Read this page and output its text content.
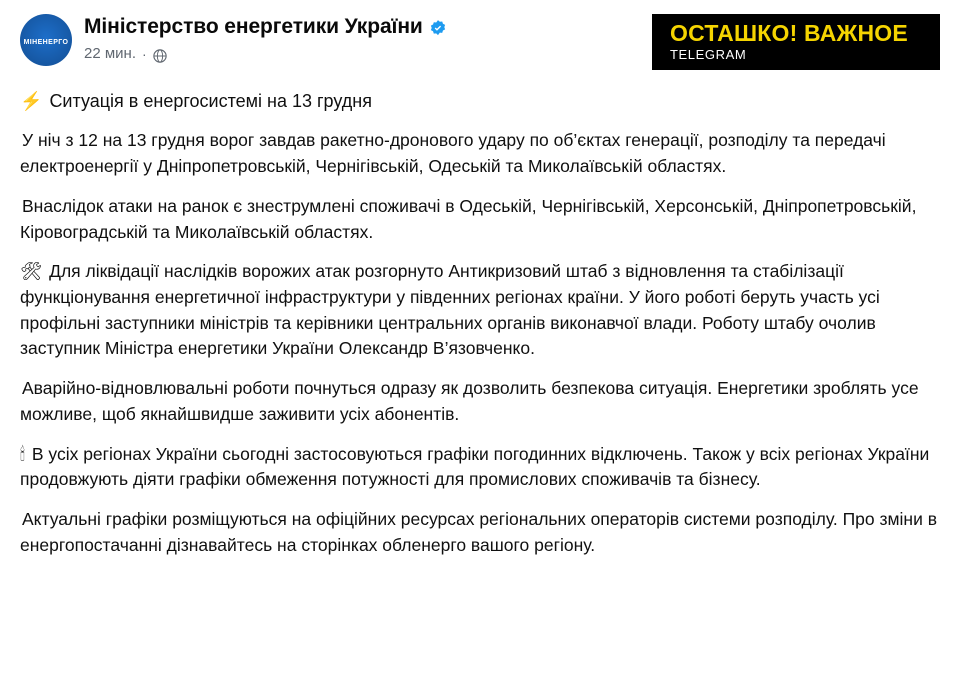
МІНЕНЕРГО
Міністерство енергетики України
22 мин. ·
ОСТАШКО! ВАЖНОЕ
TELEGRAM

⚡ Ситуація в енергосистемі на 13 грудня

У ніч з 12 на 13 грудня ворог завдав ракетно-дронового удару по об’єктах генерації, розподілу та передачі електроенергії у Дніпропетровській, Чернігівській, Одеській та Миколаївській областях.

Внаслідок атаки на ранок є знеструмлені споживачі в Одеській, Чернігівській, Херсонській, Дніпропетровській, Кіровоградській та Миколаївській областях.

🛠 Для ліквідації наслідків ворожих атак розгорнуто Антикризовий штаб з відновлення та стабілізації функціонування енергетичної інфраструктури у південних регіонах країни. У його роботі беруть участь усі профільні заступники міністрів та керівники центральних органів виконавчої влади. Роботу штабу очолив заступник Міністра енергетики України Олександр В’язовченко.

Аварійно-відновлювальні роботи почнуться одразу як дозволить безпекова ситуація. Енергетики зроблять усе можливе, щоб якнайшвидше заживити усіх абонентів.

🕯 В усіх регіонах України сьогодні застосовуються графіки погодинних відключень. Також у всіх регіонах України продовжують діяти графіки обмеження потужності для промислових споживачів та бізнесу.

Актуальні графіки розміщуються на офіційних ресурсах регіональних операторів системи розподілу. Про зміни в енергопостачанні дізнавайтесь на сторінках обленерго вашого регіону.
